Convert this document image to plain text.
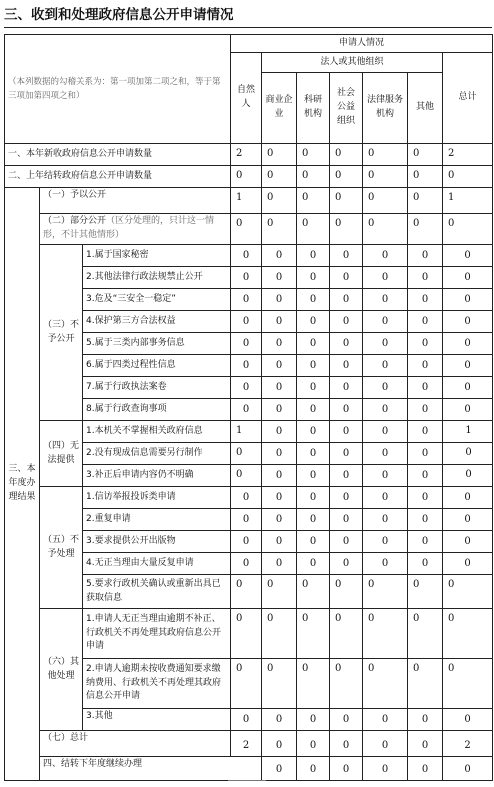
三、收到和处理政府信息公开申请情况
（本列数据的勾稽关系为：第一项加第二项之和，等于第三项加第四项之和）			申请人情况							
			自然人	法人或其他组织					总计	
				商业企业	科研机构	社会公益组织	法律服务机构	其他		
一、本年新收政府信息公开申请数量			2	0	0	0	0	0	2	
二、上年结转政府信息公开申请数量			0	0	0	0	0	0	0	
三、本年度办理结果	（一）予以公开		1	0	0	0	0	0	1	
	（二）部分公开（区分处理的，只计这一情形，不计其他情形）		0	0	0	0	0	0	0	
	（三）不予公开	1.属于国家秘密	0	0	0	0	0	0	0	
		2.其他法律行政法规禁止公开	0	0	0	0	0	0	0	
		3.危及“三安全一稳定”	0	0	0	0	0	0	0	
		4.保护第三方合法权益	0	0	0	0	0	0	0	
		5.属于三类内部事务信息	0	0	0	0	0	0	0	
		6.属于四类过程性信息	0	0	0	0	0	0	0	
		7.属于行政执法案卷	0	0	0	0	0	0	0	
		8.属于行政查询事项	0	0	0	0	0	0	0	
	（四）无法提供	1.本机关不掌握相关政府信息	1	0	0	0	0	0	1	
		2.没有现成信息需要另行制作	0	0	0	0	0	0	0	
		3.补正后申请内容仍不明确	0	0	0	0	0	0	0	
	（五）不予处理	1.信访举报投诉类申请	0	0	0	0	0	0	0	
		2.重复申请	0	0	0	0	0	0	0	
		3.要求提供公开出版物	0	0	0	0	0	0	0	
		4.无正当理由大量反复申请	0	0	0	0	0	0	0	
		5.要求行政机关确认或重新出具已获取信息	0	0	0	0	0	0	0	
	（六）其他处理	1.申请人无正当理由逾期不补正、行政机关不再处理其政府信息公开申请	0	0	0	0	0	0	0	
		2.申请人逾期未按收费通知要求缴纳费用、行政机关不再处理其政府信息公开申请	0	0	0	0	0	0	0	
		3.其他	0	0	0	0	0	0	0	
	（七）总计		2	0	0	0	0	0	2	
	四、结转下年度继续办理			0	0	0	0	0	0	
